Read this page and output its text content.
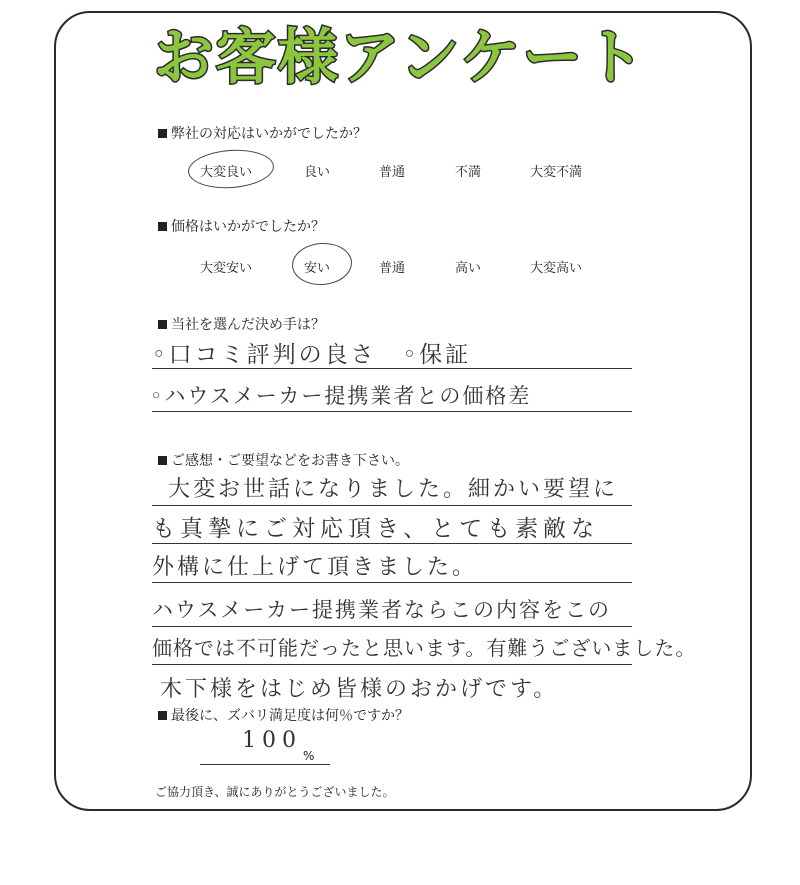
お客様アンケート
弊社の対応はいかがでしたか？
大変良い	良い	普通	不満	大変不満
価格はいかがでしたか？
大変安い	安い	普通	高い	大変高い
当社を選んだ決め手は？
◦口コミ評判の良さ　◦保証
◦ハウスメーカー提携業者との価格差
ご感想・ご要望などをお書き下さい。
大変お世話になりました。細かい要望に
も真摯にご対応頂き、とても素敵な
外構に仕上げて頂きました。
ハウスメーカー提携業者ならこの内容をこの
価格では不可能だったと思います。有難うございました。
木下様をはじめ皆様のおかげです。
最後に、ズバリ満足度は何％ですか？
100
%
ご協力頂き、誠にありがとうございました。
